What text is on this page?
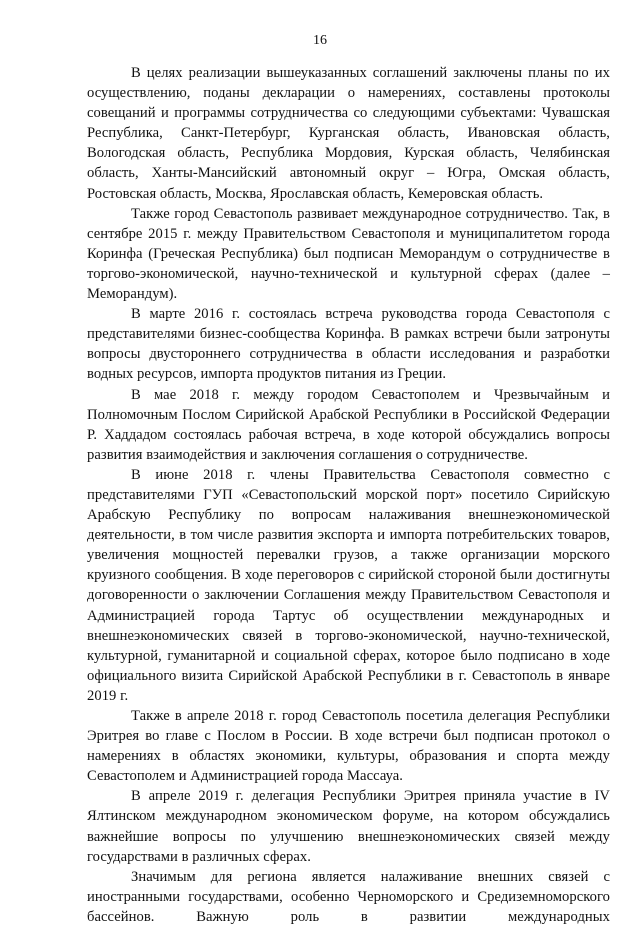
16

В целях реализации вышеуказанных соглашений заключены планы по их осуществлению, поданы декларации о намерениях, составлены протоколы совещаний и программы сотрудничества со следующими субъектами: Чувашская Республика, Санкт-Петербург, Курганская область, Ивановская область, Вологодская область, Республика Мордовия, Курская область, Челябинская область, Ханты-Мансийский автономный округ – Югра, Омская область, Ростовская область, Москва, Ярославская область, Кемеровская область.

Также город Севастополь развивает международное сотрудничество. Так, в сентябре 2015 г. между Правительством Севастополя и муниципалитетом города Коринфа (Греческая Республика) был подписан Меморандум о сотрудничестве в торгово-экономической, научно-технической и культурной сферах (далее – Меморандум).

В марте 2016 г. состоялась встреча руководства города Севастополя с представителями бизнес-сообщества Коринфа. В рамках встречи были затронуты вопросы двустороннего сотрудничества в области исследования и разработки водных ресурсов, импорта продуктов питания из Греции.

В мае 2018 г. между городом Севастополем и Чрезвычайным и Полномочным Послом Сирийской Арабской Республики в Российской Федерации Р. Хаддадом состоялась рабочая встреча, в ходе которой обсуждались вопросы развития взаимодействия и заключения соглашения о сотрудничестве.

В июне 2018 г. члены Правительства Севастополя совместно с представителями ГУП «Севастопольский морской порт» посетило Сирийскую Арабскую Республику по вопросам налаживания внешнеэкономической деятельности, в том числе развития экспорта и импорта потребительских товаров, увеличения мощностей перевалки грузов, а также организации морского круизного сообщения. В ходе переговоров с сирийской стороной были достигнуты договоренности о заключении Соглашения между Правительством Севастополя и Администрацией города Тартус об осуществлении международных и внешнеэкономических связей в торгово-экономической, научно-технической, культурной, гуманитарной и социальной сферах, которое было подписано в ходе официального визита Сирийской Арабской Республики в г. Севастополь в январе 2019 г.

Также в апреле 2018 г. город Севастополь посетила делегация Республики Эритрея во главе с Послом в России. В ходе встречи был подписан протокол о намерениях в областях экономики, культуры, образования и спорта между Севастополем и Администрацией города Массауа.

В апреле 2019 г. делегация Республики Эритрея приняла участие в IV Ялтинском международном экономическом форуме, на котором обсуждались важнейшие вопросы по улучшению внешнеэкономических связей между государствами в различных сферах.

Значимым для региона является налаживание внешних связей с иностранными государствами, особенно Черноморского и Средиземноморского бассейнов. Важную роль в развитии международных
